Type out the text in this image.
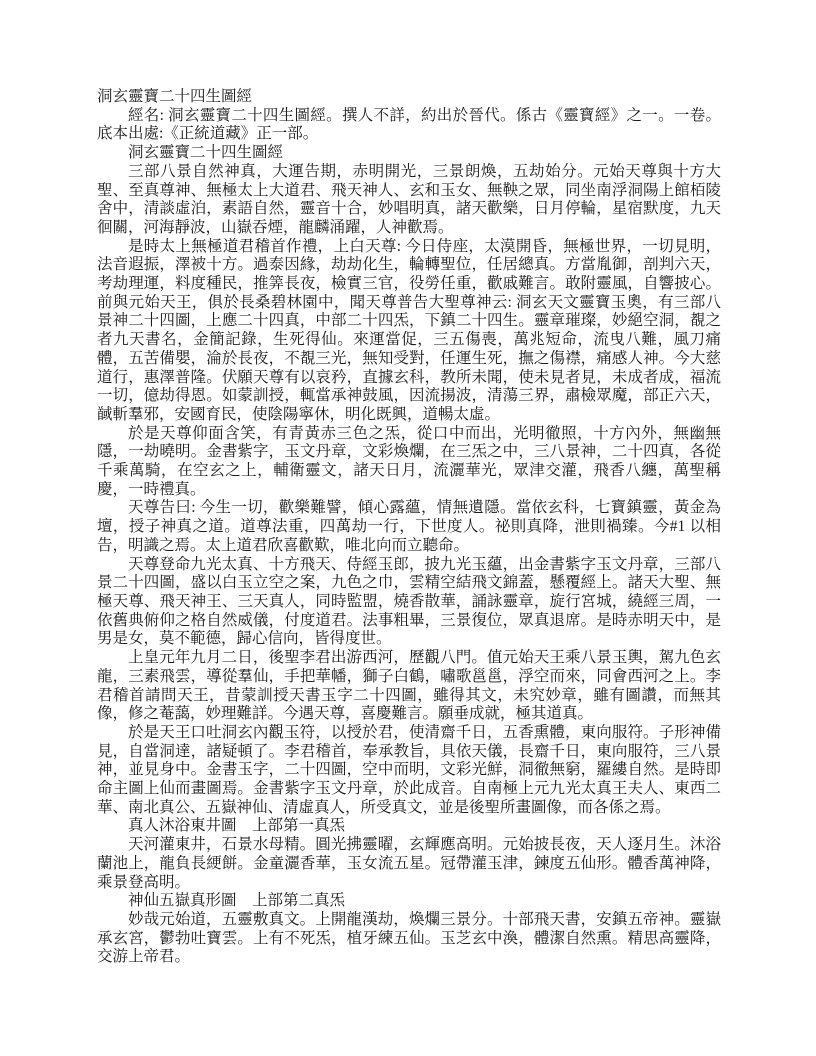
洞玄靈寶二十四生圖經

經名: 洞玄靈寶二十四生圖經。撰人不詳，約出於晉代。係古《靈寶經》之一。一卷。底本出處:《正統道藏》正一部。

洞玄靈寶二十四生圖經

三部八景自然神真，大運告期，赤明開光，三景朗煥，五劫始分。元始天尊與十方大聖、至真尊神、無極太上大道君、飛天神人、玄和玉女、無鞅之眾，同坐南浮洞陽上館栢陵舍中，清談虛泊，素語自然，靈音十合，妙唱明真，諸天歡樂，日月停輪，星宿默度，九天徊關，河海靜波，山嶽吞煙，龍麟涌躍，人神歡焉。

是時太上無極道君稽首作禮，上白天尊: 今日侍座，太漠開昏，無極世界，一切見明，法音遐振，澤被十方。過泰因緣，劫劫化生，輪轉聖位，任居總真。方當胤御，剖判六天，考劫理運，料度種民，推筭長夜，檢實三官，役勞任重，歡戚難言。敢附靈風，自響披心。前與元始天王，俱於長桑碧林園中，聞天尊普告大聖尊神云: 洞玄天文靈寶玉奧，有三部八景神二十四圖，上應二十四真，中部二十四炁，下鎮二十四生。靈章璀璨，妙絕空洞，覩之者九天書名，金簡記錄，生死得仙。來運當促，三五傷喪，萬兆短命，流曳八難，風刀痛體，五苦備嬰，淪於長夜，不覩三光，無知受對，任運生死，撫之傷襟，痛感人神。今大慈道行，惠澤普隆。伏願天尊有以哀矜，直據玄科，教所未聞，使未見者見，未成者成，福流一切，億劫得恩。如蒙訓授，輒當承神鼓風，因流揚波，清蕩三界，肅檢眾魔，部正六天，馘斬羣邪，安國育民，使陰陽寧休，明化既興，道暢太虛。

於是天尊仰面含笑，有青黃赤三色之炁，從口中而出，光明徹照，十方內外，無幽無隱，一劫曉明。金書紫字，玉文丹章，文彩煥爛，在三炁之中，三八景神，二十四真，各從千乘萬騎，在空玄之上，輔衛靈文，諸天日月，流灑華光，眾津交灌，飛香八纏，萬聖稱慶，一時禮真。

天尊告曰: 今生一切，歡樂難譬，傾心露蘊，情無遺隱。當依玄科，七寶鎮靈，黃金為壇，授子神真之道。道尊法重，四萬劫一行，下世度人。祕則真降，泄則禍臻。今#1 以相告，明識之焉。太上道君欣喜歡歎，唯北向而立聽命。

天尊登命九光太真、十方飛天、侍經玉郎，披九光玉蘊，出金書紫字玉文丹章，三部八景二十四圖，盛以白玉立空之案，九色之巾，雲精空結飛文錦蓋，懸覆經上。諸天大聖、無極天尊、飛天神王、三天真人，同時監盟，燒香散華，誦詠靈章，旋行宮城，繞經三周，一依舊典俯仰之格自然威儀，付度道君。法事粗畢，三景復位，眾真退席。是時赤明天中，是男是女，莫不範德，歸心信向，皆得度世。

上皇元年九月二日，後聖李君出游西河，歷觀八門。值元始天王乘八景玉輿，駕九色玄龍，三素飛雲，導從羣仙，手把華幡，獅子白鶴，嘯歌邕邕，浮空而來，同會西河之上。李君稽首請問天王，昔蒙訓授天書玉字二十四圖，雖得其文，未究妙章，雖有圖讚，而無其像，修之菴藹，妙理難詳。今遇天尊，喜慶難言。願垂成就，極其道真。

於是天王口吐洞玄內觀玉符，以授於君，使清齋千日，五香熏體，東向服符。子形神備見，自當洞達，諸疑頓了。李君稽首，奉承教旨，具依天儀，長齋千日，東向服符，三八景神，並見身中。金書玉字，二十四圖，空中而明，文彩光鮮，洞徹無窮，羅縷自然。是時即命主圖上仙而畫圖焉。金書紫字玉文丹章，於此成音。自南極上元九光太真王夫人、東西二華、南北真公、五嶽神仙、清虛真人，所受真文，並是後聖所畫圖像，而各係之焉。

真人沐浴東井圖　上部第一真炁

天河灌東井，石景水母精。圓光拂靈曜，玄輝應高明。元始披長夜，天人逐月生。沐浴蘭池上，龍負長綆餅。金童灑香華，玉女流五星。冠帶灌玉津，鍊度五仙形。體香萬神降，乘景登高明。

神仙五嶽真形圖　上部第二真炁

妙哉元始道，五靈敷真文。上開龍漢劫，煥爛三景分。十部飛天書，安鎮五帝神。靈嶽承玄宮，鬱勃吐寶雲。上有不死炁，植牙練五仙。玉芝玄中渙，體潔自然熏。精思高靈降，交游上帝君。
